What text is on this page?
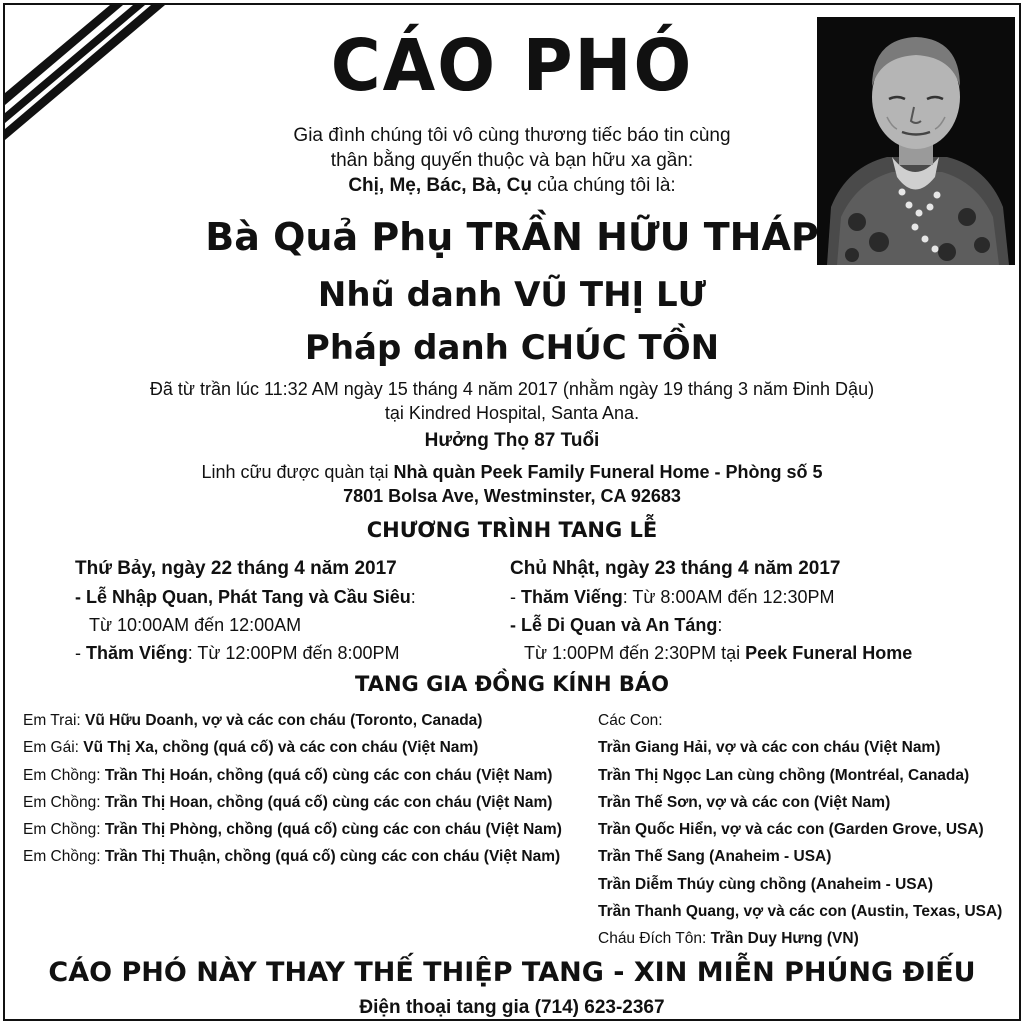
CÁO PHÓ
Gia đình chúng tôi vô cùng thương tiếc báo tin cùng
thân bằng quyến thuộc và bạn hữu xa gần:
Chị, Mẹ, Bác, Bà, Cụ của chúng tôi là:
Bà Quả Phụ TRẦN HỮU THÁP
Nhũ danh VŨ THỊ LƯ
Pháp danh CHÚC TỒN
Đã từ trần lúc 11:32 AM ngày 15 tháng 4 năm 2017 (nhằm ngày 19 tháng 3 năm Đinh Dậu)
tại Kindred Hospital, Santa Ana.
Hưởng Thọ 87 Tuổi
Linh cữu được quàn tại Nhà quàn Peek Family Funeral Home - Phòng số 5
7801 Bolsa Ave, Westminster, CA 92683
CHƯƠNG TRÌNH TANG LỄ
Thứ Bảy, ngày 22 tháng 4 năm 2017
- Lễ Nhập Quan, Phát Tang và Cầu Siêu:
Từ 10:00AM đến 12:00AM
- Thăm Viếng: Từ 12:00PM đến 8:00PM
Chủ Nhật, ngày 23 tháng 4 năm 2017
- Thăm Viếng: Từ 8:00AM đến 12:30PM
- Lễ Di Quan và An Táng:
Từ 1:00PM đến 2:30PM tại Peek Funeral Home
TANG GIA ĐỒNG KÍNH BÁO
Em Trai: Vũ Hữu Doanh, vợ và các con cháu (Toronto, Canada)
Em Gái: Vũ Thị Xa, chồng (quá cố) và các con cháu (Việt Nam)
Em Chồng: Trần Thị Hoán, chồng (quá cố) cùng các con cháu (Việt Nam)
Em Chồng: Trần Thị Hoan, chồng (quá cố) cùng các con cháu (Việt Nam)
Em Chồng: Trần Thị Phòng, chồng (quá cố) cùng các con cháu (Việt Nam)
Em Chồng: Trần Thị Thuận, chồng (quá cố) cùng các con cháu (Việt Nam)
Các Con:
Trần Giang Hải, vợ và các con cháu (Việt Nam)
Trần Thị Ngọc Lan cùng chồng (Montréal, Canada)
Trần Thế Sơn, vợ và các con (Việt Nam)
Trần Quốc Hiển, vợ và các con (Garden Grove, USA)
Trần Thế Sang (Anaheim - USA)
Trần Diễm Thúy cùng chồng (Anaheim - USA)
Trần Thanh Quang, vợ và các con (Austin, Texas, USA)
Cháu Đích Tôn: Trần Duy Hưng (VN)
CÁO PHÓ NÀY THAY THẾ THIỆP TANG - XIN MIỄN PHÚNG ĐIẾU
Điện thoại tang gia (714) 623-2367
